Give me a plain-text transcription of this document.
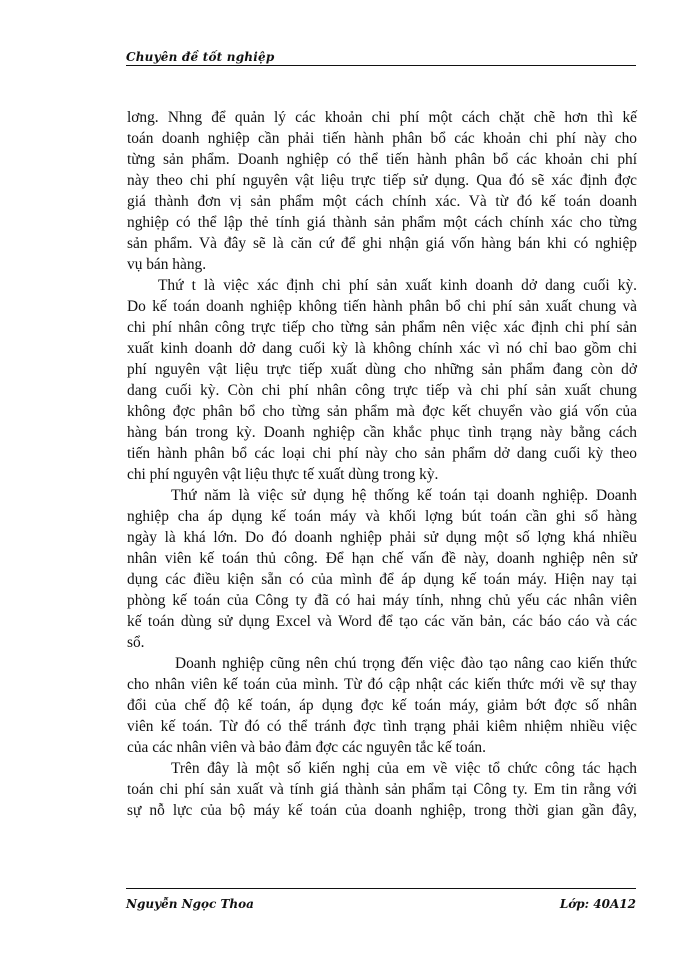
Chuyên đề tốt nghiệp
lơng. Nhng để quản lý các khoản chi phí một cách chặt chẽ hơn thì kế
toán doanh nghiệp cần phải tiến hành phân bổ các khoản chi phí này cho
từng sản phẩm. Doanh nghiệp có thể tiến hành phân bổ các khoản chi phí
này theo chi phí nguyên vật liệu trực tiếp sử dụng. Qua đó sẽ xác định đợc
giá thành đơn vị sản phẩm một cách chính xác. Và từ đó kế toán doanh
nghiệp có thể lập thẻ tính giá thành sản phẩm một cách chính xác cho từng
sản phẩm. Và đây sẽ là căn cứ để ghi nhận giá vốn hàng bán khi có nghiệp
vụ bán hàng.
Thứ t là việc xác định chi phí sản xuất kinh doanh dở dang cuối kỳ.
Do kế toán doanh nghiệp không tiến hành phân bổ chi phí sản xuất chung và
chi phí nhân công trực tiếp cho từng sản phẩm nên việc xác định chi phí sản
xuất kinh doanh dở dang cuối kỳ là không chính xác vì nó chỉ bao gồm chi
phí nguyên vật liệu trực tiếp xuất dùng cho những sản phẩm đang còn dở
dang cuối kỳ. Còn chi phí nhân công trực tiếp và chi phí sản xuất chung
không đợc phân bổ cho từng sản phẩm mà đợc kết chuyển vào giá vốn của
hàng bán trong kỳ. Doanh nghiệp cần khắc phục tình trạng này bằng cách
tiến hành phân bổ các loại chi phí này cho sản phẩm dở dang cuối kỳ theo
chi phí nguyên vật liệu thực tế xuất dùng trong kỳ.
Thứ năm là việc sử dụng hệ thống kế toán tại doanh nghiệp. Doanh
nghiệp cha áp dụng kế toán máy và khối lợng bút toán cần ghi sổ hàng
ngày là khá lớn. Do đó doanh nghiệp phải sử dụng một số lợng khá nhiều
nhân viên kế toán thủ công. Để hạn chế vấn đề này, doanh nghiệp nên sử
dụng các điều kiện sẵn có của mình để áp dụng kế toán máy. Hiện nay tại
phòng kế toán của Công ty đã có hai máy tính, nhng chủ yếu các nhân viên
kế toán dùng sử dụng Excel và Word để tạo các văn bản, các báo cáo và các
sổ.
Doanh nghiệp cũng nên chú trọng đến việc đào tạo nâng cao kiến thức
cho nhân viên kế toán của mình. Từ đó cập nhật các kiến thức mới về sự thay
đổi của chế độ kế toán, áp dụng đợc kế toán máy, giảm bớt đợc số nhân
viên kế toán. Từ đó có thể tránh đợc tình trạng phải kiêm nhiệm nhiều việc
của các nhân viên và bảo đảm đợc các nguyên tắc kế toán.
Trên đây là một số kiến nghị của em về việc tổ chức công tác hạch
toán chi phí sản xuất và tính giá thành sản phẩm tại Công ty. Em tin rằng với
sự nỗ lực của bộ máy kế toán của doanh nghiệp, trong thời gian gần đây,
Nguyễn Ngọc Thoa	Lớp: 40A12
